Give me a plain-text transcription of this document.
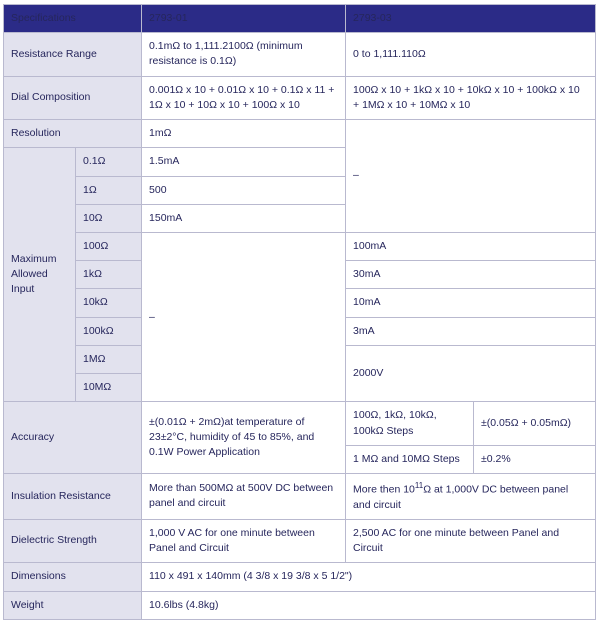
Specifications		2793-01	2793-03	
Resistance Range		0.1mΩ to 1,111.2100Ω (minimum resistance is 0.1Ω)	0 to 1,111.110Ω	
Dial Composition		0.001Ω x 10 + 0.01Ω x 10 + 0.1Ω x 11 + 1Ω x 10 + 10Ω x 10 + 100Ω x 10	100Ω x 10 + 1kΩ x 10 + 10kΩ x 10 + 100kΩ x 10 + 1MΩ x 10 + 10MΩ x 10	
Resolution		1mΩ	–	
Maximum Allowed Input	0.1Ω	1.5mA		
	1Ω	500		
	10Ω	150mA		
	100Ω	–	100mA	
	1kΩ		30mA	
	10kΩ		10mA	
	100kΩ		3mA	
	1MΩ		2000V	
	10MΩ			
Accuracy		±(0.01Ω + 2mΩ)at temperature of 23±2°C, humidity of 45 to 85%, and 0.1W Power Application	100Ω, 1kΩ, 10kΩ, 100kΩ Steps	±(0.05Ω + 0.05mΩ)
			1 MΩ and 10MΩ Steps	±0.2%
Insulation Resistance		More than 500MΩ at 500V DC between panel and circuit	More then $10^{11}\Omega$ at 1,000V DC between panel and circuit	
Dielectric Strength		1,000 V AC for one minute between Panel and Circuit	2,500 AC for one minute between Panel and Circuit	
Dimensions		110 x 491 x 140mm (4 3/8 x 19 3/8 x 5 1/2")		
Weight		10.6lbs (4.8kg)		
